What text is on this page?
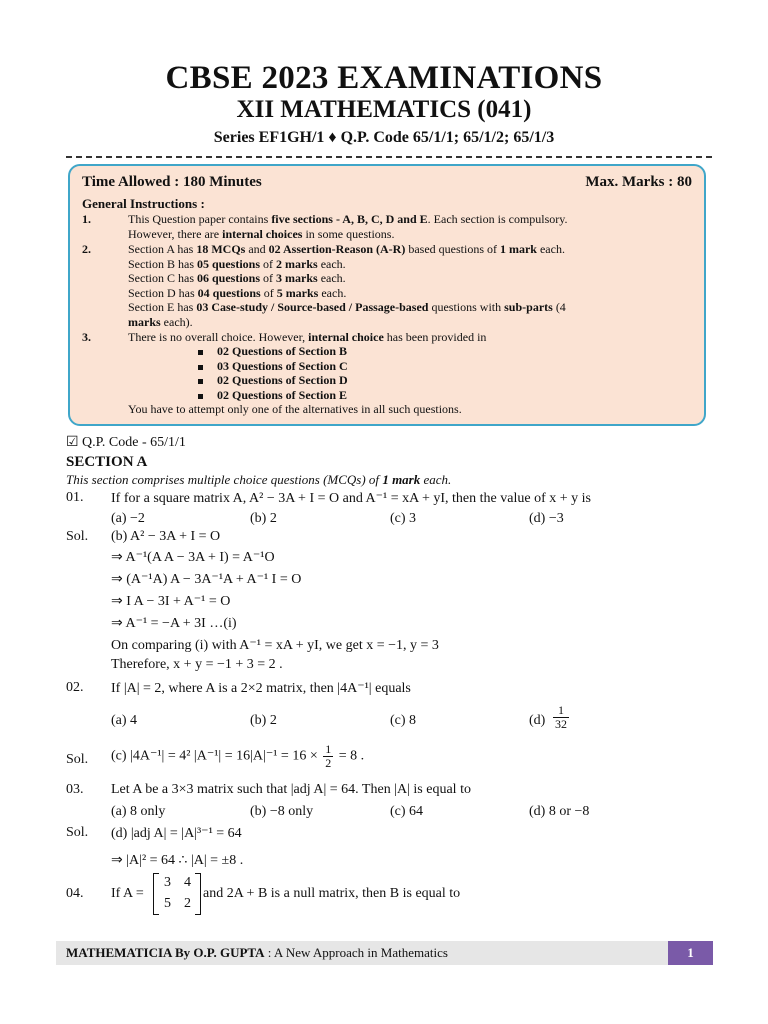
CBSE 2023 EXAMINATIONS
XII MATHEMATICS (041)
Series EF1GH/1 ♦ Q.P. Code 65/1/1; 65/1/2; 65/1/3
Time Allowed : 180 Minutes	Max. Marks : 80
General Instructions :
1.	This Question paper contains five sections - A, B, C, D and E. Each section is compulsory.
However, there are internal choices in some questions.
2.	Section A has 18 MCQs and 02 Assertion-Reason (A-R) based questions of 1 mark each.
Section B has 05 questions of 2 marks each.
Section C has 06 questions of 3 marks each.
Section D has 04 questions of 5 marks each.
Section E has 03 Case-study / Source-based / Passage-based questions with sub-parts (4
marks each).
3.	There is no overall choice. However, internal choice has been provided in
02 Questions of Section B
03 Questions of Section C
02 Questions of Section D
02 Questions of Section E
You have to attempt only one of the alternatives in all such questions.
☑ Q.P. Code - 65/1/1
SECTION A
This section comprises multiple choice questions (MCQs) of 1 mark each.
01. If for a square matrix A, A² − 3A + I = O and A⁻¹ = xA + yI, then the value of x + y is
(a) −2	(b) 2	(c) 3	(d) −3
Sol. (b) A² − 3A + I = O
⇒ A⁻¹(A A − 3A + I) = A⁻¹O
⇒ (A⁻¹A) A − 3A⁻¹A + A⁻¹ I = O
⇒ I A − 3I + A⁻¹ = O
⇒ A⁻¹ = −A + 3I …(i)
On comparing (i) with A⁻¹ = xA + yI, we get x = −1, y = 3
Therefore, x + y = −1 + 3 = 2 .
02. If |A| = 2, where A is a 2×2 matrix, then |4A⁻¹| equals
(a) 4	(b) 2	(c) 8	$(d) \frac{1}{32}$
Sol. (c) |4A⁻¹| = 4² $|A^{-1}| = 16|A|^{-1} = 16 \times \frac{1}{2} = 8$ .
03. Let A be a 3×3 matrix such that |adj A| = 64. Then |A| is equal to
(a) 8 only	(b) −8 only	(c) 64	(d) 8 or −8
Sol. (d) |adj A| = |A|³⁻¹ = 64
⇒ |A|² = 64 ∴ |A| = ±8 .
04. If A =
3 4
5 2
and 2A + B is a null matrix, then B is equal to
MATHEMATICIA By O.P. GUPTA : A New Approach in Mathematics	1
